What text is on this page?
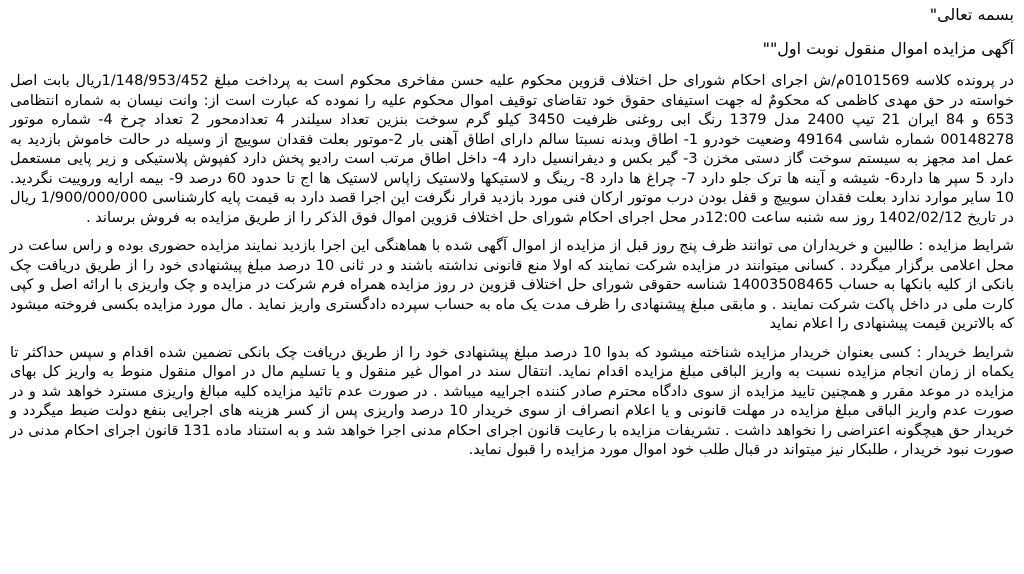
بسمه تعالی"

آگهی مزایده اموال منقول نوبت اول""

در پرونده کلاسه 0101569م/ش اجرای احکام شورای حل اختلاف قزوین محکوم علیه حسن مفاخری محکوم است به پرداخت مبلغ 1/148/953/452ریال بابت اصل خواسته در حق مهدی کاظمی که محکومٌ له جهت استیفای حقوق خود تقاضای توقیف اموال محکوم علیه را نموده که عبارت است از: وانت نیسان به شماره انتظامی 653 و 84 ایران 21 تیپ 2400 مدل 1379 رنگ ابی روغنی ظرفیت 3450 کیلو گرم سوخت بنزین تعداد سیلندر 4 تعدادمحور 2 تعداد چرخ 4- شماره موتور 00148278 شماره شاسی 49164 وضعیت خودرو 1- اطاق وبدنه نسبتا سالم دارای اطاق آهنی بار 2-موتور بعلت فقدان سوییچ از وسیله در حالت خاموش بازدید به عمل امد مجهز به سیستم سوخت گاز دستی مخزن 3- گیر بکس و دیفرانسیل دارد 4- داخل اطاق مرتب است رادیو پخش دارد کفپوش پلاستیکی و زیر پایی مستعمل دارد 5 سپر ها دارد6- شیشه و آینه ها ترک جلو دارد 7- چراغ ها دارد 8- رینگ و لاستیکها ولاستیک زاپاس لاستیک ها اج تا حدود 60 درصد 9- بیمه ارایه وروییت نگردید. 10 سایر موارد ندارد بعلت فقدان سوییچ و قفل بودن درب موتور ارکان فنی مورد بازدید قرار نگرفت این اجرا قصد دارد به قیمت پایه کارشناسی 1/900/000/000 ریال در تاریخ 1402/02/12 روز سه شنبه ساعت 12:00در محل اجرای احکام شورای حل اختلاف قزوین اموال فوق الذکر را از طریق مزایده به فروش برساند .

شرایط مزایده : طالبین و خریداران می توانند ظرف پنج روز قبل از مزایده از اموال آگهی شده با هماهنگی این اجرا بازدید نمایند مزایده حضوری بوده و راس ساعت در محل اعلامی برگزار میگردد . کسانی میتوانند در مزایده شرکت نمایند که اولا منع قانونی نداشته باشند و در ثانی 10 درصد مبلغ پیشنهادی خود را از طریق دریافت چک بانکی از کلیه بانکها به حساب 14003508465 شناسه حقوقی شورای حل اختلاف قزوین در روز مزایده همراه فرم شرکت در مزایده و چک واریزی با ارائه اصل و کپی کارت ملی در داخل پاکت شرکت نمایند . و مابقی مبلغ پیشنهادی را ظرف مدت یک ماه به حساب سپرده دادگستری واریز نماید . مال مورد مزایده بکسی فروخته میشود که بالاترین قیمت پیشنهادی را اعلام نماید

شرایط خریدار : کسی بعنوان خریدار مزایده شناخته میشود که بدوا 10 درصد مبلغ پیشنهادی خود را از طریق دریافت چک بانکی تضمین شده اقدام و سپس حداکثر تا یکماه از زمان انجام مزایده نسبت به واریز الباقی مبلغ مزایده اقدام نماید. انتقال سند در اموال غیر منقول و یا تسلیم مال در اموال منقول منوط به واریز کل بهای مزایده در موعد مقرر و همچنین تایید مزایده از سوی دادگاه محترم صادر کننده اجراییه میباشد . در صورت عدم تائید مزایده کلیه مبالغ واریزی مسترد خواهد شد و در صورت عدم واریز الباقی مبلغ مزایده در مهلت قانونی و یا اعلام انصراف از سوی خریدار 10 درصد واریزی پس از کسر هزینه های اجرایی بنفع دولت ضبط میگردد و خریدار حق هیچگونه اعتراضی را نخواهد داشت . تشریفات مزایده با رعایت قانون اجرای احکام مدنی اجرا خواهد شد و به استناد ماده 131 قانون اجرای احکام مدنی در صورت نبود خریدار ، طلبکار نیز میتواند در قبال طلب خود اموال مورد مزایده را قبول نماید.
